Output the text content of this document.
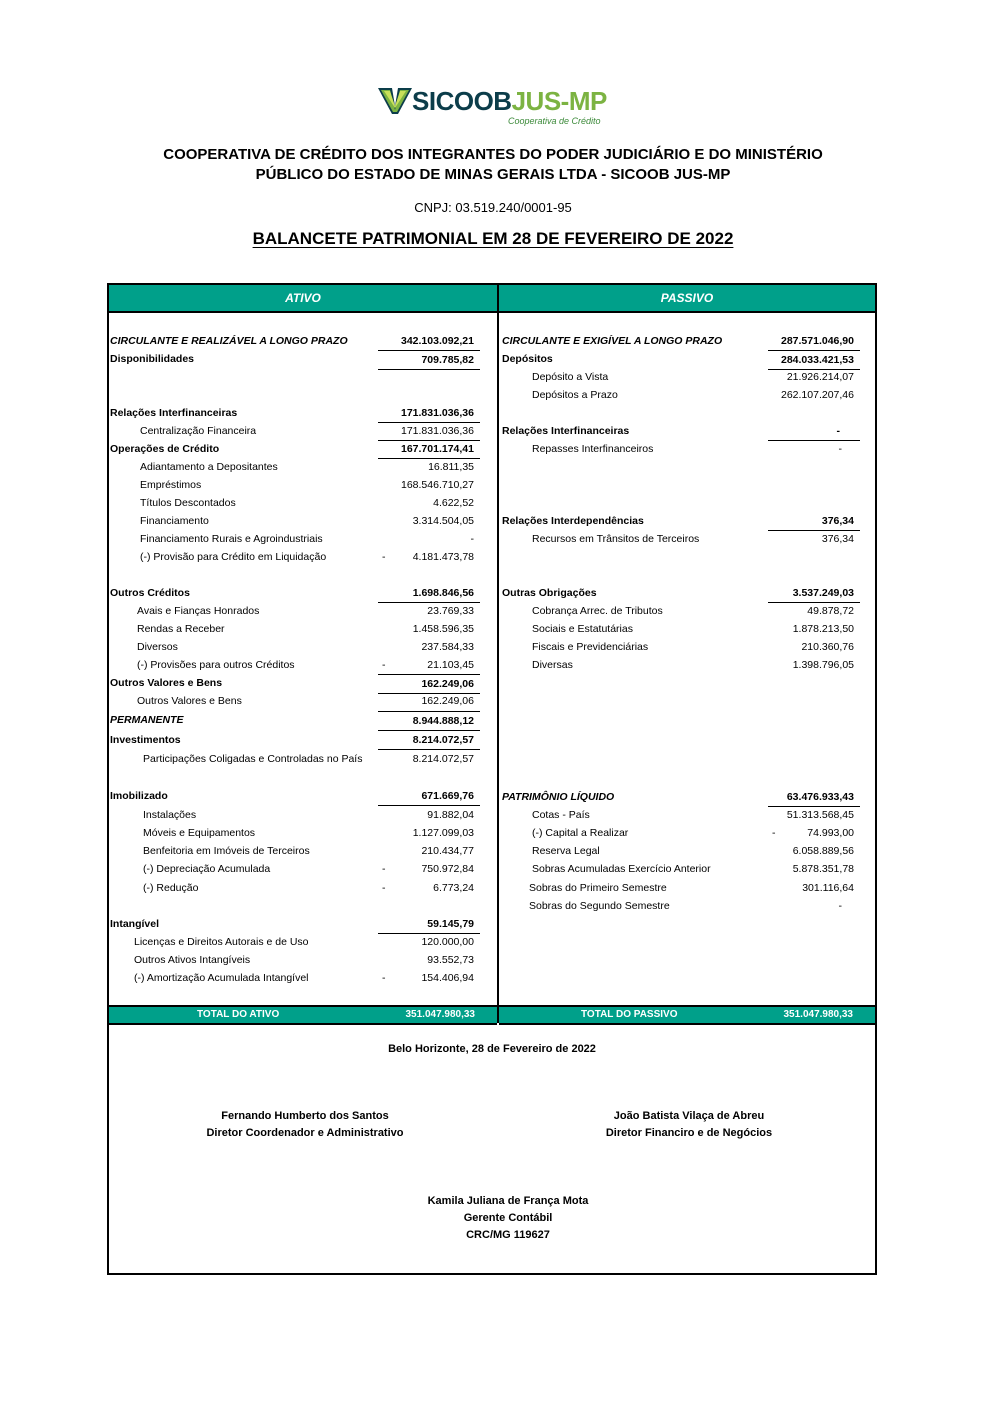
SICOOBJUS-MP
Cooperativa de Crédito
COOPERATIVA DE CRÉDITO DOS INTEGRANTES DO PODER JUDICIÁRIO E DO MINISTÉRIO
PÚBLICO DO ESTADO DE MINAS GERAIS LTDA - SICOOB JUS-MP
CNPJ: 03.519.240/0001-95
BALANCETE PATRIMONIAL EM 28 DE FEVEREIRO DE 2022
ATIVO	PASSIVO
CIRCULANTE E REALIZÁVEL A LONGO PRAZO	342.103.092,21
Disponibilidades	709.785,82
Relações Interfinanceiras	171.831.036,36
Centralização Financeira	171.831.036,36
Operações de Crédito	167.701.174,41
Adiantamento a Depositantes	16.811,35
Empréstimos	168.546.710,27
Títulos Descontados	4.622,52
Financiamento	3.314.504,05
Financiamento Rurais e Agroindustriais	-
(-) Provisão para Crédito em Liquidação	-	4.181.473,78
Outros Créditos	1.698.846,56
Avais e Fianças Honrados	23.769,33
Rendas a Receber	1.458.596,35
Diversos	237.584,33
(-) Provisões para outros Créditos	-	21.103,45
Outros Valores e Bens	162.249,06
Outros Valores e Bens	162.249,06
PERMANENTE	8.944.888,12
Investimentos	8.214.072,57
Participações Coligadas e Controladas no País	8.214.072,57
Imobilizado	671.669,76
Instalações	91.882,04
Móveis e Equipamentos	1.127.099,03
Benfeitoria em Imóveis de Terceiros	210.434,77
(-) Depreciação Acumulada	-	750.972,84
(-) Redução	-	6.773,24
Intangível	59.145,79
Licenças e Direitos Autorais e de Uso	120.000,00
Outros Ativos Intangíveis	93.552,73
(-) Amortização Acumulada Intangível	-	154.406,94
CIRCULANTE E EXIGÍVEL A LONGO PRAZO	287.571.046,90
Depósitos	284.033.421,53
Depósito a Vista	21.926.214,07
Depósitos a Prazo	262.107.207,46
Relações Interfinanceiras	-
Repasses Interfinanceiros	-
Relações Interdependências	376,34
Recursos em Trânsitos de Terceiros	376,34
Outras Obrigações	3.537.249,03
Cobrança Arrec. de Tributos	49.878,72
Sociais e Estatutárias	1.878.213,50
Fiscais e Previdenciárias	210.360,76
Diversas	1.398.796,05
PATRIMÔNIO LÍQUIDO	63.476.933,43
Cotas - País	51.313.568,45
(-) Capital a Realizar	-	74.993,00
Reserva Legal	6.058.889,56
Sobras Acumuladas Exercício Anterior	5.878.351,78
Sobras do Primeiro Semestre	301.116,64
Sobras do Segundo Semestre	-
TOTAL DO ATIVO	351.047.980,33	TOTAL DO PASSIVO	351.047.980,33
Belo Horizonte, 28 de Fevereiro de 2022
Fernando Humberto dos Santos
Diretor Coordenador e Administrativo
João Batista Vilaça de Abreu
Diretor Financiro e de Negócios
Kamila Juliana de França Mota
Gerente Contábil
CRC/MG 119627
